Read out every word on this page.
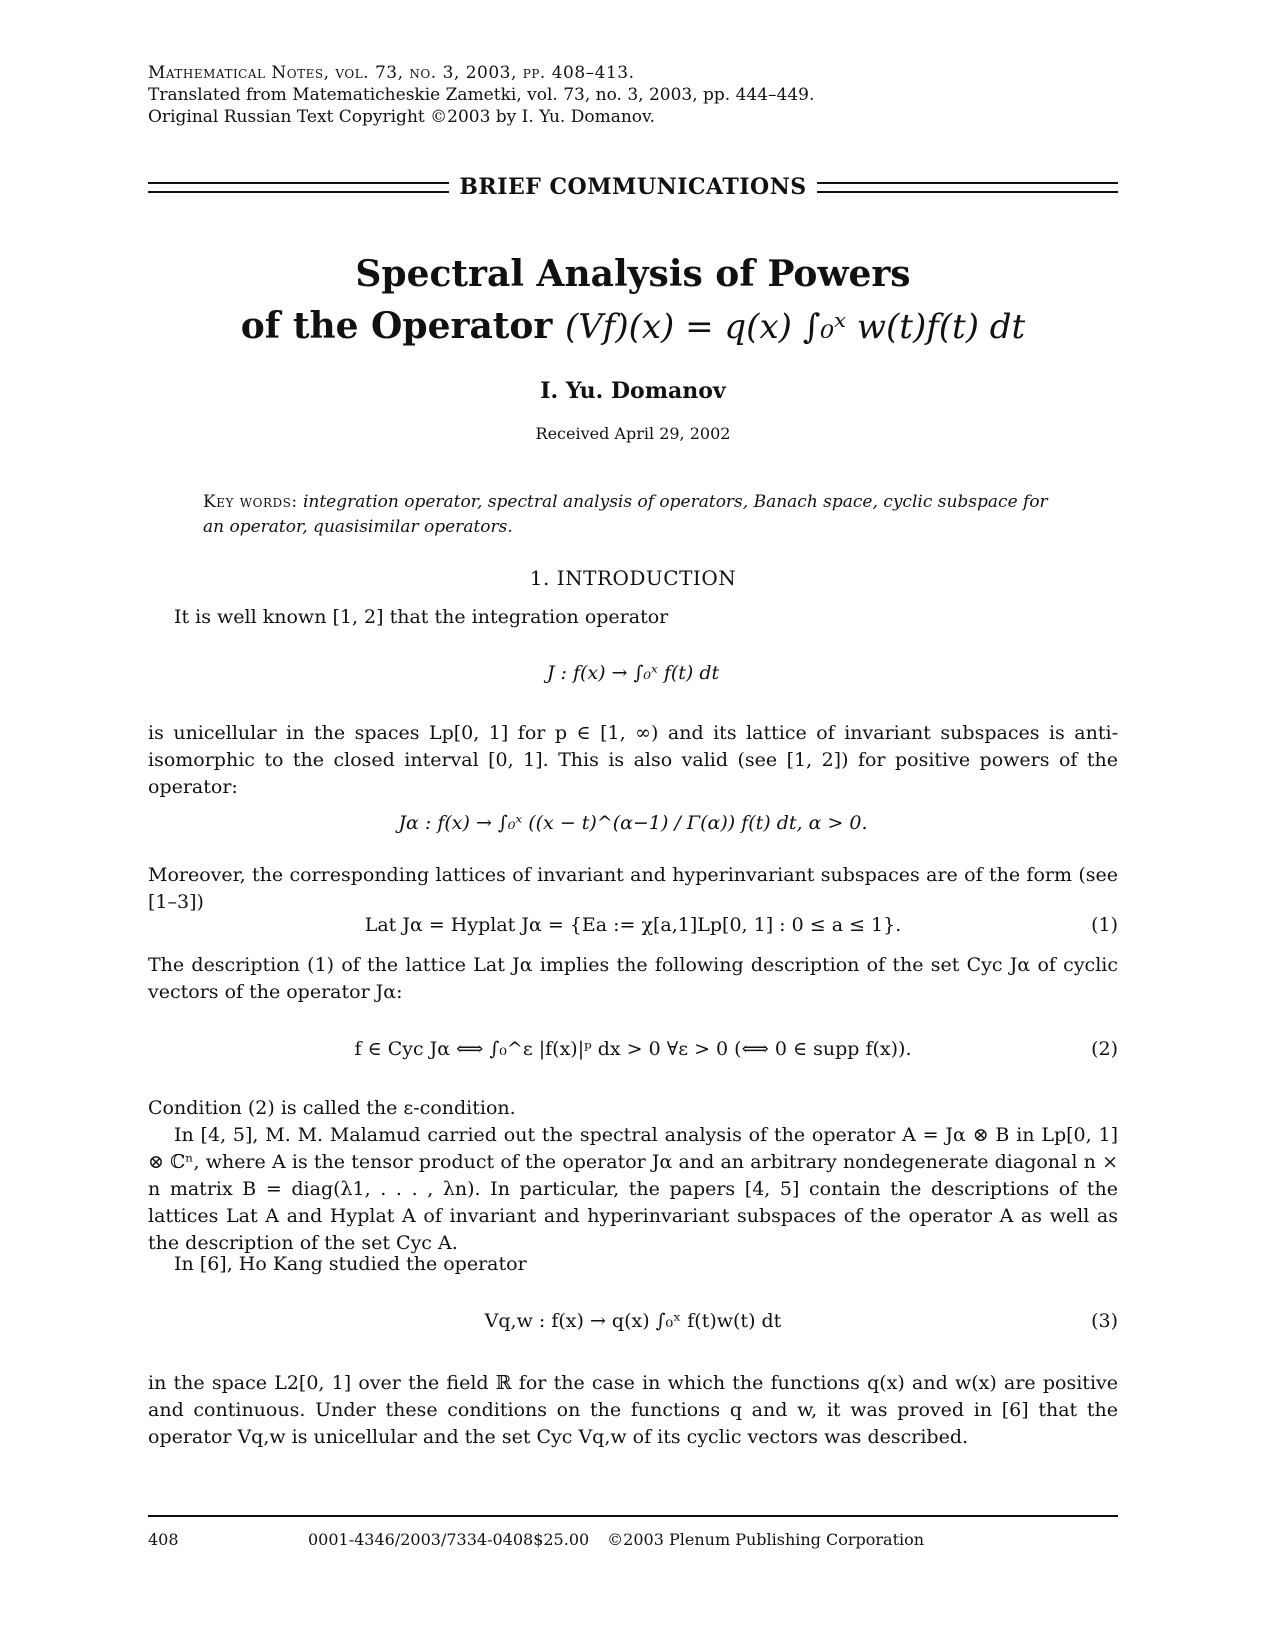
Mathematical Notes, vol. 73, no. 3, 2003, pp. 408–413.
Translated from Matematicheskie Zametki, vol. 73, no. 3, 2003, pp. 444–449.
Original Russian Text Copyright ©2003 by I. Yu. Domanov.
BRIEF COMMUNICATIONS
Spectral Analysis of Powers
of the Operator (Vf)(x) = q(x) ∫₀ˣ w(t)f(t) dt
I. Yu. Domanov
Received April 29, 2002
Key words: integration operator, spectral analysis of operators, Banach space, cyclic subspace for an operator, quasisimilar operators.
1. INTRODUCTION
It is well known [1, 2] that the integration operator
J : f(x) → ∫₀ˣ f(t) dt
is unicellular in the spaces Lp[0, 1] for p ∈ [1, ∞) and its lattice of invariant subspaces is anti-isomorphic to the closed interval [0, 1]. This is also valid (see [1, 2]) for positive powers of the operator:
Jα : f(x) → ∫₀ˣ ((x − t)^(α−1) / Γ(α)) f(t) dt, α > 0.
Moreover, the corresponding lattices of invariant and hyperinvariant subspaces are of the form (see [1–3])
Lat Jα = Hyplat Jα = {Ea := χ[a,1]Lp[0, 1] : 0 ≤ a ≤ 1}.	(1)
The description (1) of the lattice Lat Jα implies the following description of the set Cyc Jα of cyclic vectors of the operator Jα:
f ∈ Cyc Jα ⟺ ∫₀^ε |f(x)|ᵖ dx > 0 ∀ε > 0 (⟺ 0 ∈ supp f(x)).	(2)
Condition (2) is called the ε-condition.
In [4, 5], M. M. Malamud carried out the spectral analysis of the operator A = Jα ⊗ B in Lp[0, 1] ⊗ ℂⁿ, where A is the tensor product of the operator Jα and an arbitrary nondegenerate diagonal n × n matrix B = diag(λ1, . . . , λn). In particular, the papers [4, 5] contain the descriptions of the lattices Lat A and Hyplat A of invariant and hyperinvariant subspaces of the operator A as well as the description of the set Cyc A.
In [6], Ho Kang studied the operator
Vq,w : f(x) → q(x) ∫₀ˣ f(t)w(t) dt	(3)
in the space L2[0, 1] over the field ℝ for the case in which the functions q(x) and w(x) are positive and continuous. Under these conditions on the functions q and w, it was proved in [6] that the operator Vq,w is unicellular and the set Cyc Vq,w of its cyclic vectors was described.
408	0001-4346/2003/7334-0408$25.00 ©2003 Plenum Publishing Corporation
